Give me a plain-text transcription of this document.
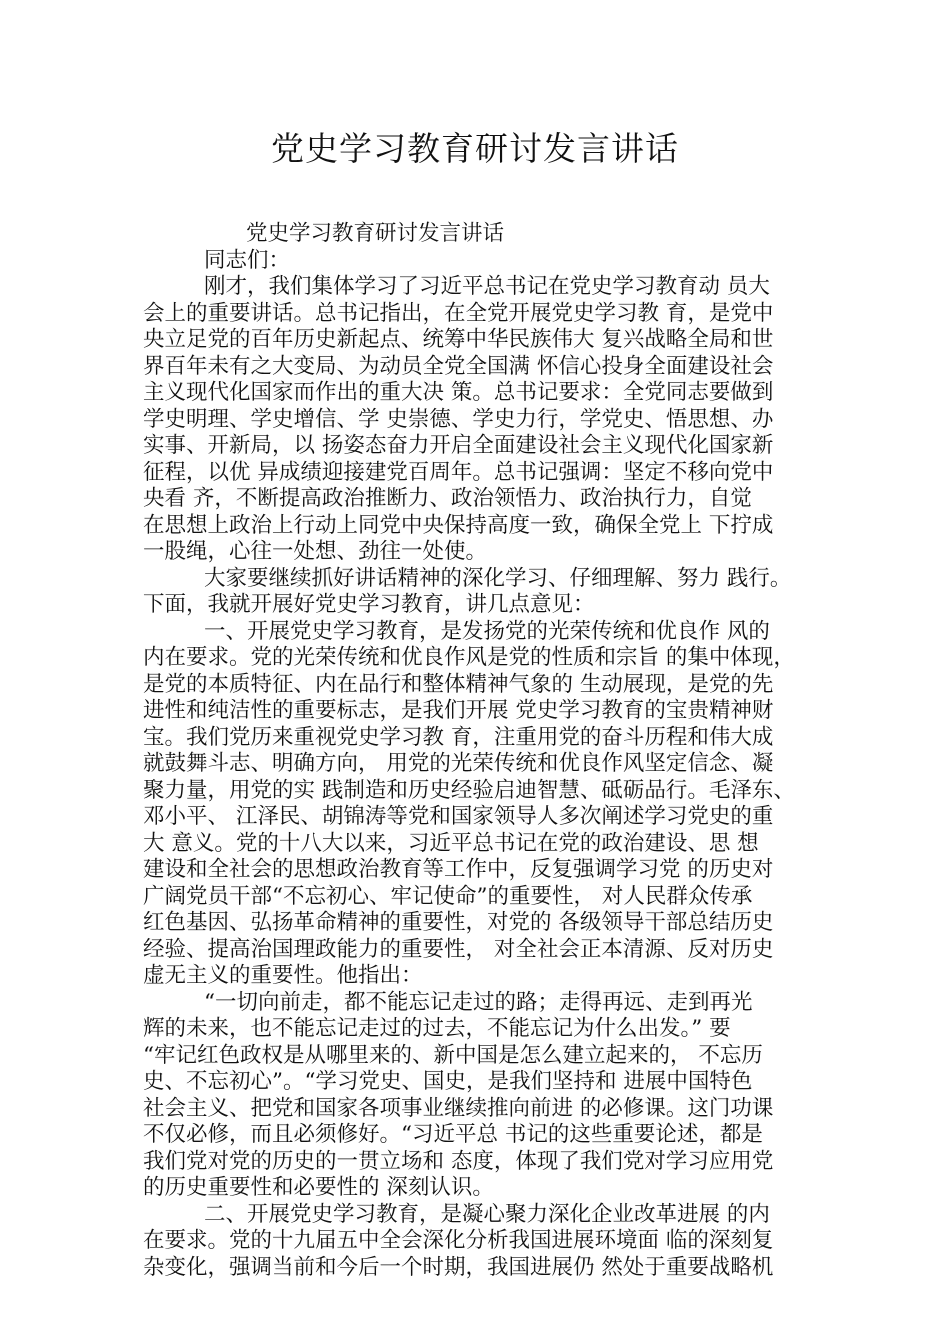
党史学习教育研讨发言讲话
党史学习教育研讨发言讲话
同志们：
刚才，我们集体学习了习近平总书记在党史学习教育动 员大
会上的重要讲话。总书记指出，在全党开展党史学习教 育，是党中
央立足党的百年历史新起点、统筹中华民族伟大 复兴战略全局和世
界百年未有之大变局、为动员全党全国满 怀信心投身全面建设社会
主义现代化国家而作出的重大决 策。总书记要求：全党同志要做到
学史明理、学史增信、学 史崇德、学史力行，学党史、悟思想、办
实事、开新局，以 扬姿态奋力开启全面建设社会主义现代化国家新
征程，以优 异成绩迎接建党百周年。总书记强调：坚定不移向党中
央看 齐，不断提高政治推断力、政治领悟力、政治执行力，自觉
在思想上政治上行动上同党中央保持高度一致，确保全党上 下拧成
一股绳，心往一处想、劲往一处使。
大家要继续抓好讲话精神的深化学习、仔细理解、努力 践行。
下面，我就开展好党史学习教育，讲几点意见：
一、开展党史学习教育，是发扬党的光荣传统和优良作 风的
内在要求。党的光荣传统和优良作风是党的性质和宗旨 的集中体现，
是党的本质特征、内在品行和整体精神气象的 生动展现，是党的先
进性和纯洁性的重要标志，是我们开展 党史学习教育的宝贵精神财
宝。我们党历来重视党史学习教 育，注重用党的奋斗历程和伟大成
就鼓舞斗志、明确方向， 用党的光荣传统和优良作风坚定信念、凝
聚力量，用党的实 践制造和历史经验启迪智慧、砥砺品行。毛泽东、
邓小平、 江泽民、胡锦涛等党和国家领导人多次阐述学习党史的重
大 意义。党的十八大以来，习近平总书记在党的政治建设、思 想
建设和全社会的思想政治教育等工作中，反复强调学习党 的历史对
广阔党员干部“不忘初心、牢记使命”的重要性， 对人民群众传承
红色基因、弘扬革命精神的重要性，对党的 各级领导干部总结历史
经验、提高治国理政能力的重要性， 对全社会正本清源、反对历史
虚无主义的重要性。他指出：
“一切向前走，都不能忘记走过的路；走得再远、走到再光
辉的未来，也不能忘记走过的过去，不能忘记为什么出发。” 要
“牢记红色政权是从哪里来的、新中国是怎么建立起来的， 不忘历
史、不忘初心”。“学习党史、国史，是我们坚持和 进展中国特色
社会主义、把党和国家各项事业继续推向前进 的必修课。这门功课
不仅必修，而且必须修好。“习近平总 书记的这些重要论述，都是
我们党对党的历史的一贯立场和 态度，体现了我们党对学习应用党
的历史重要性和必要性的 深刻认识。
二、开展党史学习教育，是凝心聚力深化企业改革进展 的内
在要求。党的十九届五中全会深化分析我国进展环境面 临的深刻复
杂变化，强调当前和今后一个时期，我国进展仍 然处于重要战略机
